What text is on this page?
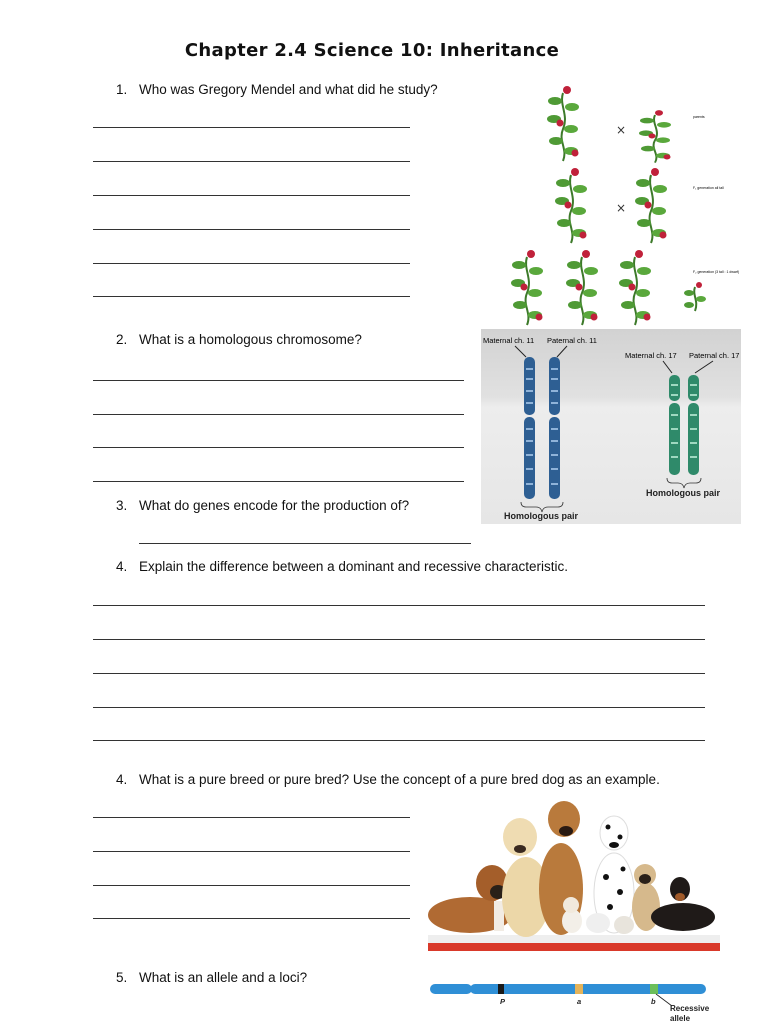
Chapter 2.4 Science 10: Inheritance
1. Who was Gregory Mendel and what did he study?
×
parents
×
F₁ generation all tall
F₂ generation (3 tall : 1 dwarf)
2. What is a homologous chromosome?	Maternal ch. 11 Paternal ch. 11
Maternal ch. 17 Paternal ch. 17
Homologous pair
Homologous pair
3. What do genes encode for the production of?
4. Explain the difference between a dominant and recessive characteristic.
4. What is a pure breed or pure bred? Use the concept of a pure bred dog as an example.
5. What is an allele and a loci?
P	a	b
Recessive allele
